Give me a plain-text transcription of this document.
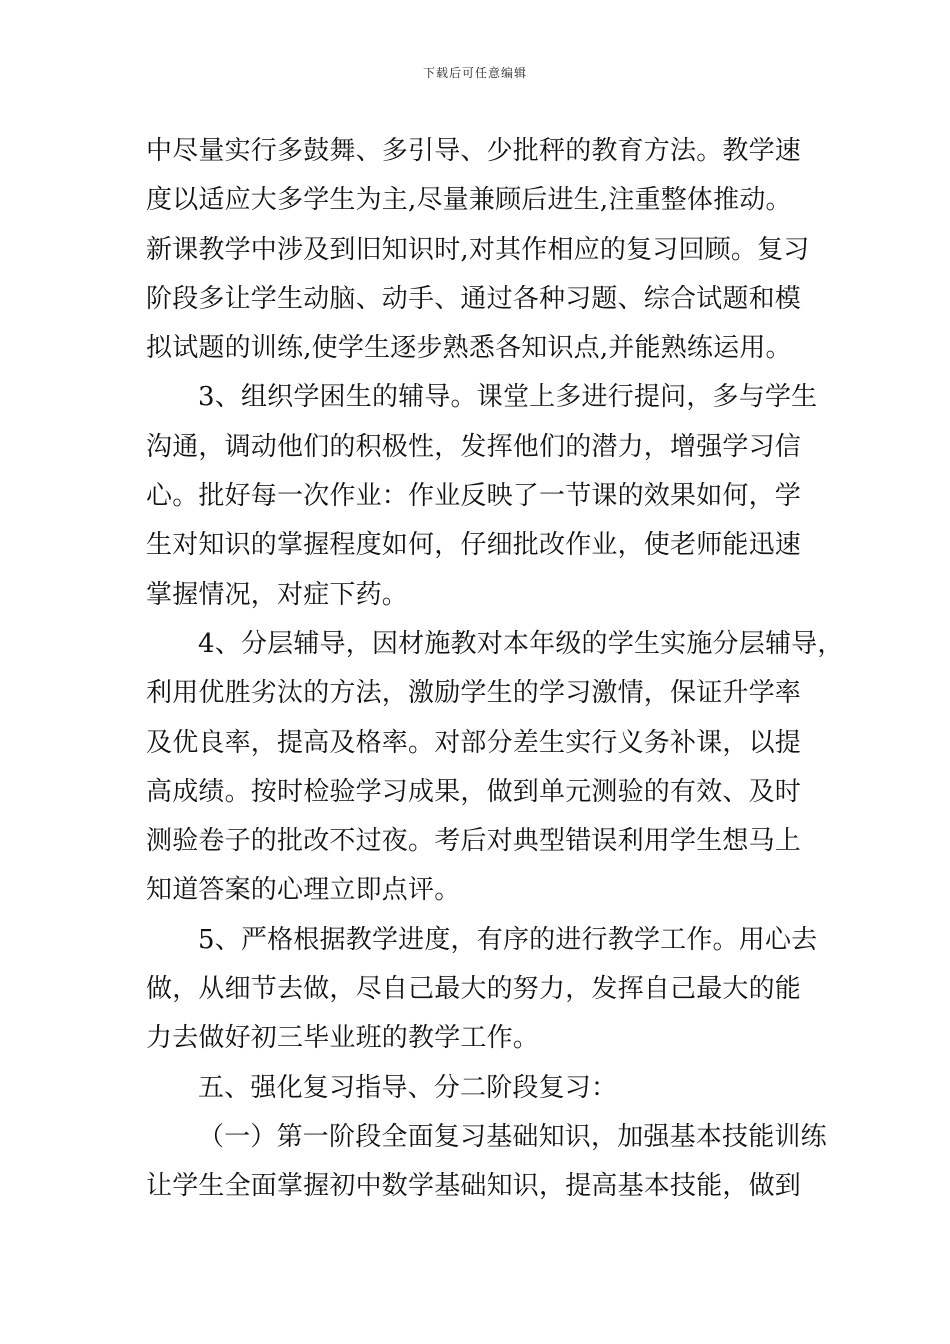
下载后可任意编辑
中尽量实行多鼓舞、多引导、少批秤的教育方法。教学速
度以适应大多学生为主,尽量兼顾后进生,注重整体推动。
新课教学中涉及到旧知识时,对其作相应的复习回顾。复习
阶段多让学生动脑、动手、通过各种习题、综合试题和模
拟试题的训练,使学生逐步熟悉各知识点,并能熟练运用。
3、组织学困生的辅导。课堂上多进行提问，多与学生
沟通，调动他们的积极性，发挥他们的潜力，增强学习信
心。批好每一次作业：作业反映了一节课的效果如何，学
生对知识的掌握程度如何，仔细批改作业，使老师能迅速
掌握情况，对症下药。
4、分层辅导，因材施教对本年级的学生实施分层辅导，
利用优胜劣汰的方法，激励学生的学习激情，保证升学率
及优良率，提高及格率。对部分差生实行义务补课，以提
高成绩。按时检验学习成果，做到单元测验的有效、及时
测验卷子的批改不过夜。考后对典型错误利用学生想马上
知道答案的心理立即点评。
5、严格根据教学进度，有序的进行教学工作。用心去
做，从细节去做，尽自己最大的努力，发挥自己最大的能
力去做好初三毕业班的教学工作。
五、强化复习指导、分二阶段复习：
（一）第一阶段全面复习基础知识，加强基本技能训练
让学生全面掌握初中数学基础知识，提高基本技能，做到
